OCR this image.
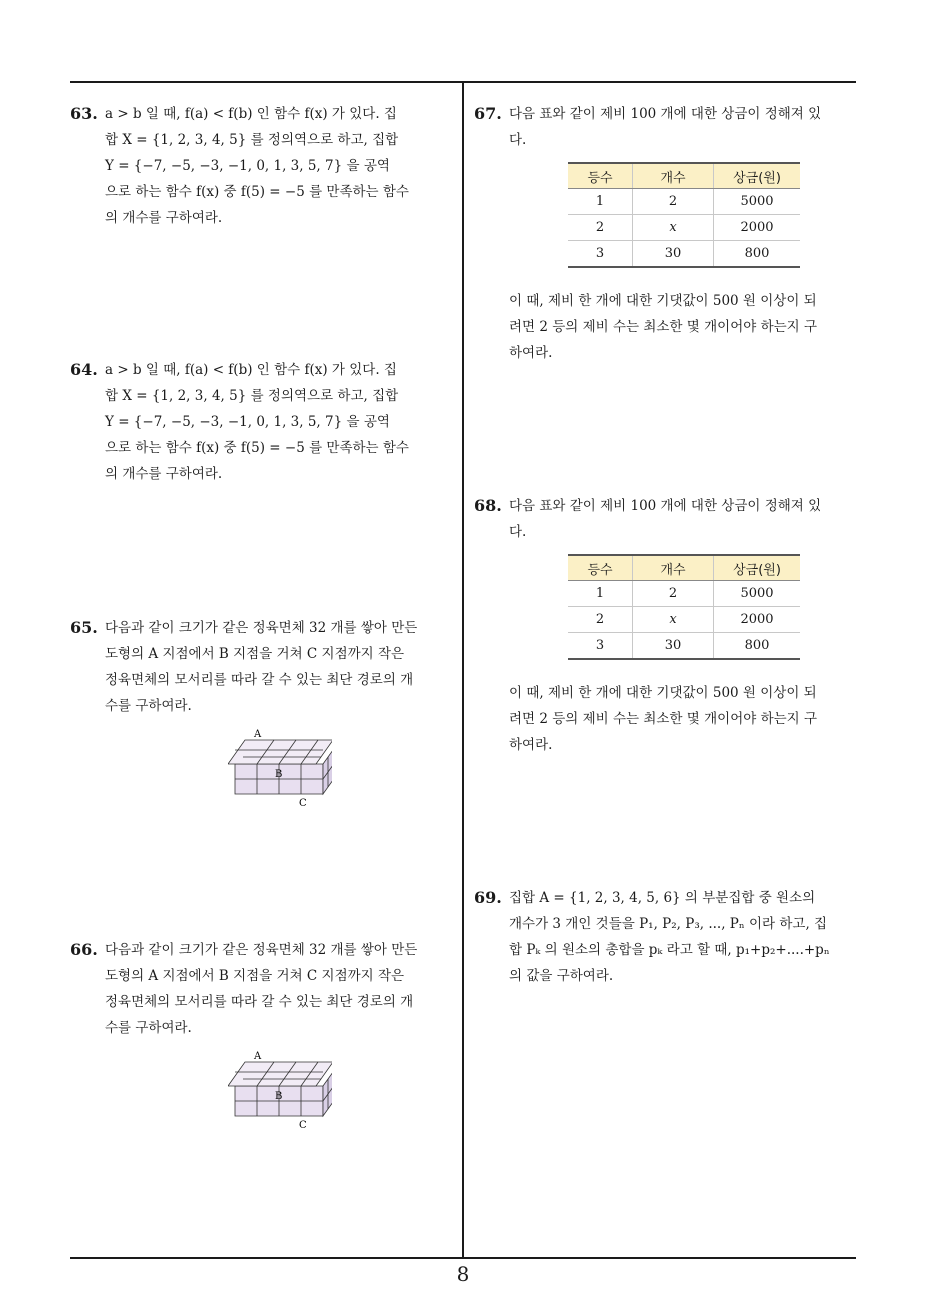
63. a > b 일 때, f(a) < f(b) 인 함수 f(x) 가 있다. 집
합 X = {1, 2, 3, 4, 5} 를 정의역으로 하고, 집합
Y = {−7, −5, −3, −1, 0, 1, 3, 5, 7} 을 공역
으로 하는 함수 f(x) 중 f(5) = −5 를 만족하는 함수
의 개수를 구하여라.
64. a > b 일 때, f(a) < f(b) 인 함수 f(x) 가 있다. 집
합 X = {1, 2, 3, 4, 5} 를 정의역으로 하고, 집합
Y = {−7, −5, −3, −1, 0, 1, 3, 5, 7} 을 공역
으로 하는 함수 f(x) 중 f(5) = −5 를 만족하는 함수
의 개수를 구하여라.
65. 다음과 같이 크기가 같은 정육면체 32 개를 쌓아 만든
도형의 A 지점에서 B 지점을 거쳐 C 지점까지 작은
정육면체의 모서리를 따라 갈 수 있는 최단 경로의 개
수를 구하여라.
A
B
C
66. 다음과 같이 크기가 같은 정육면체 32 개를 쌓아 만든
도형의 A 지점에서 B 지점을 거쳐 C 지점까지 작은
정육면체의 모서리를 따라 갈 수 있는 최단 경로의 개
수를 구하여라.
A
B
C
67. 다음 표와 같이 제비 100 개에 대한 상금이 정해져 있
다.
등수	개수	상금(원)
1	2	5000
2	x	2000
3	30	800
이 때, 제비 한 개에 대한 기댓값이 500 원 이상이 되
려면 2 등의 제비 수는 최소한 몇 개이어야 하는지 구
하여라.
68. 다음 표와 같이 제비 100 개에 대한 상금이 정해져 있
다.
등수	개수	상금(원)
1	2	5000
2	x	2000
3	30	800
이 때, 제비 한 개에 대한 기댓값이 500 원 이상이 되
려면 2 등의 제비 수는 최소한 몇 개이어야 하는지 구
하여라.
69. 집합 A = {1, 2, 3, 4, 5, 6} 의 부분집합 중 원소의
개수가 3 개인 것들을 P₁, P₂, P₃, ..., Pₙ 이라 하고, 집
합 Pₖ 의 원소의 총합을 pₖ 라고 할 때, p₁+p₂+....+pₙ
의 값을 구하여라.
8
